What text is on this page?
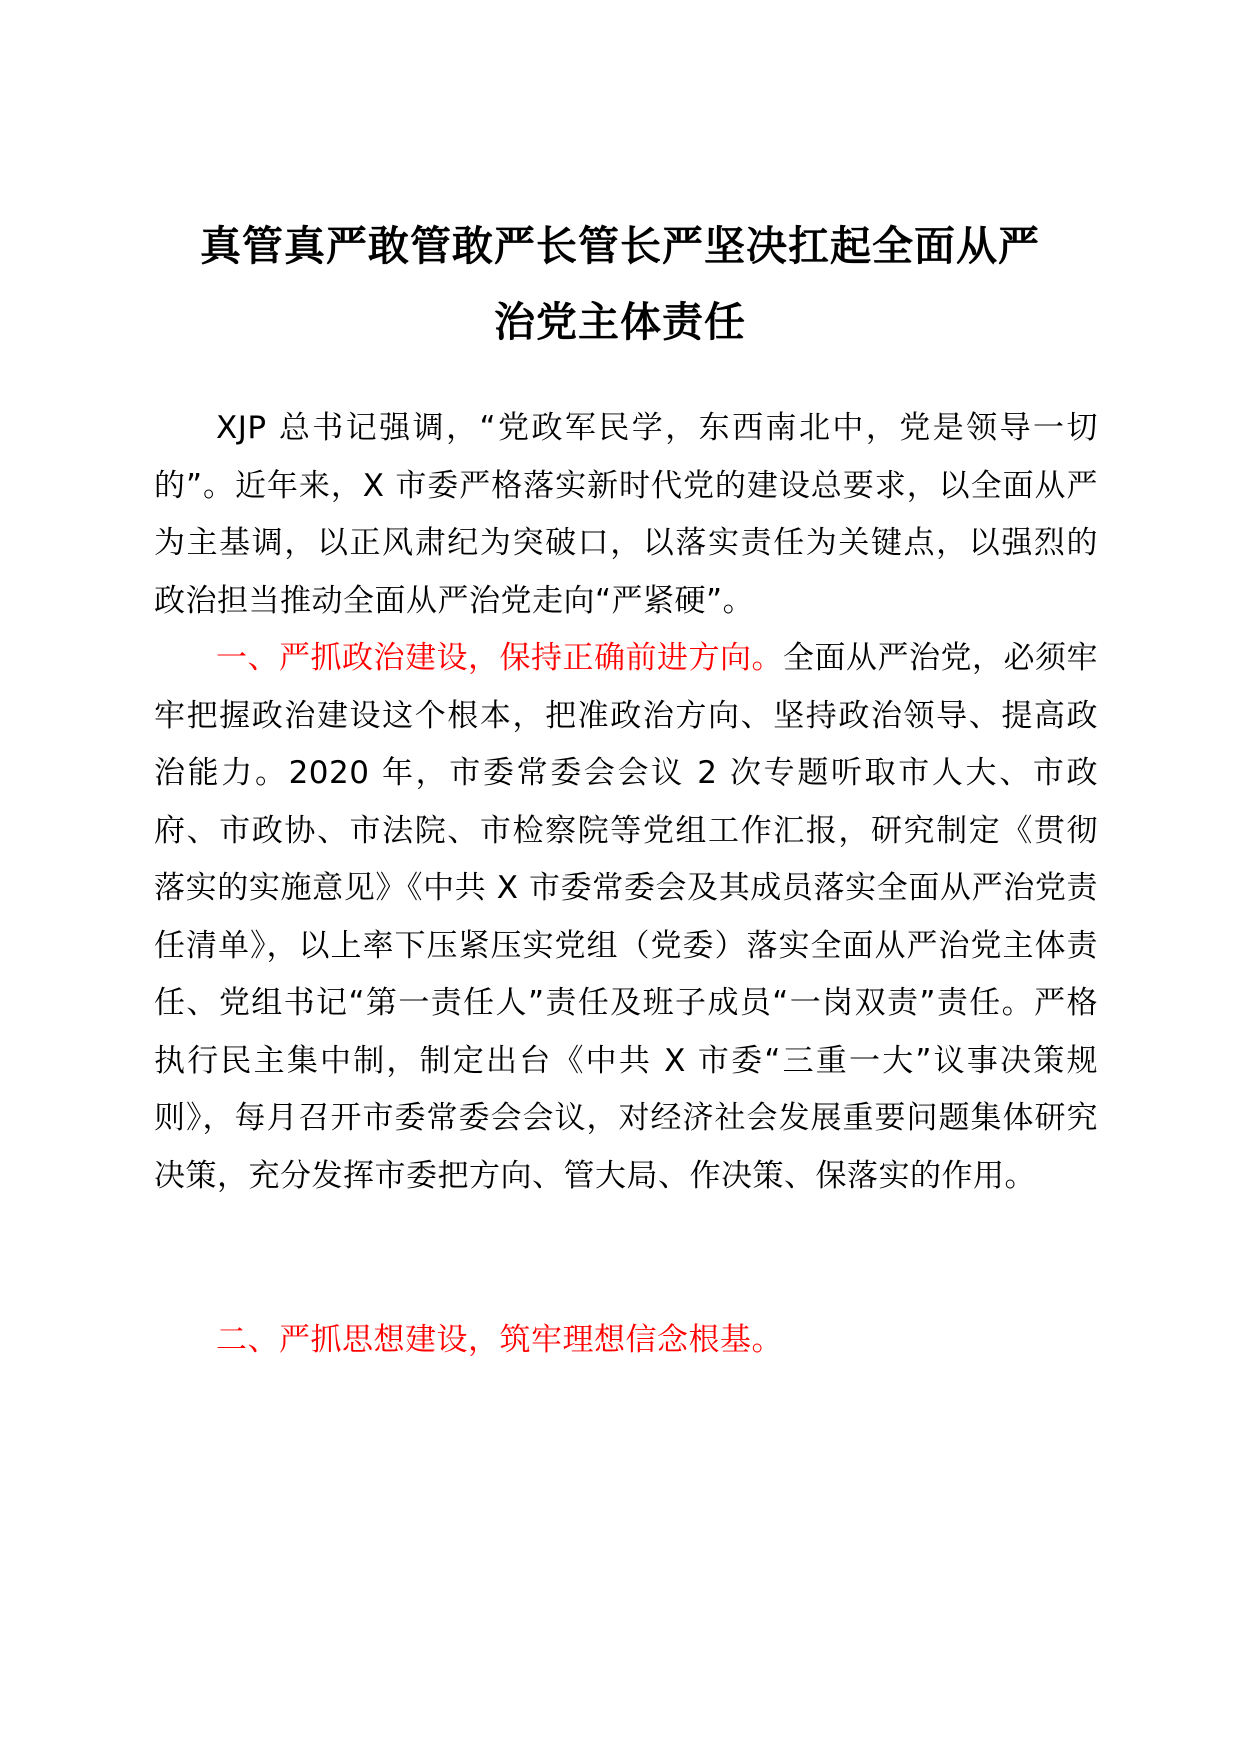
真管真严敢管敢严长管长严坚决扛起全面从严
治党主体责任

XJP 总书记强调，“党政军民学，东西南北中，党是领导一切的”。近年来，X 市委严格落实新时代党的建设总要求，以全面从严为主基调，以正风肃纪为突破口，以落实责任为关键点，以强烈的政治担当推动全面从严治党走向“严紧硬”。

一、严抓政治建设，保持正确前进方向。全面从严治党，必须牢牢把握政治建设这个根本，把准政治方向、坚持政治领导、提高政治能力。2020 年，市委常委会会议 2 次专题听取市人大、市政府、市政协、市法院、市检察院等党组工作汇报，研究制定《贯彻落实的实施意见》《中共 X 市委常委会及其成员落实全面从严治党责任清单》，以上率下压紧压实党组（党委）落实全面从严治党主体责任、党组书记“第一责任人”责任及班子成员“一岗双责”责任。严格执行民主集中制，制定出台《中共 X 市委“三重一大”议事决策规则》，每月召开市委常委会会议，对经济社会发展重要问题集体研究决策，充分发挥市委把方向、管大局、作决策、保落实的作用。

二、严抓思想建设，筑牢理想信念根基。
